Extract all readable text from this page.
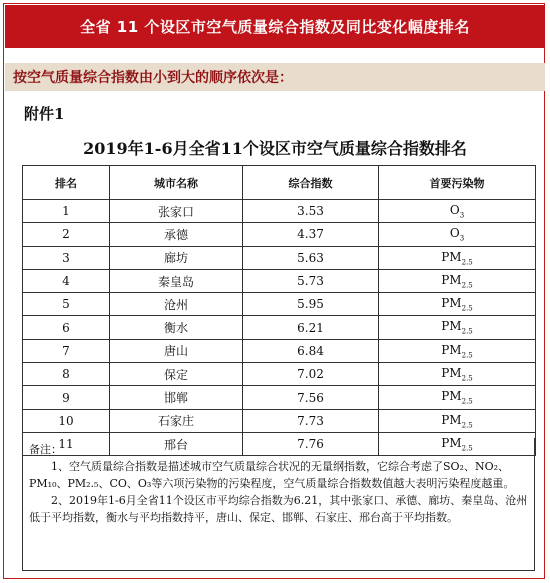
全省 11 个设区市空气质量综合指数及同比变化幅度排名
按空气质量综合指数由小到大的顺序依次是：
附件1
2019年1-6月全省11个设区市空气质量综合指数排名
排名	城市名称	综合指数	首要污染物
1	张家口	3.53	$O_3$
2	承德	4.37	$O_3$
3	廊坊	5.63	$PM_{2.5}$
4	秦皇岛	5.73	$PM_{2.5}$
5	沧州	5.95	$PM_{2.5}$
6	衡水	6.21	$PM_{2.5}$
7	唐山	6.84	$PM_{2.5}$
8	保定	7.02	$PM_{2.5}$
9	邯郸	7.56	$PM_{2.5}$
10	石家庄	7.73	$PM_{2.5}$
11	邢台	7.76	$PM_{2.5}$

备注：

1、空气质量综合指数是描述城市空气质量综合状况的无量纲指数，它综合考虑了SO₂、NO₂、PM₁₀、PM₂.₅、CO、O₃等六项污染物的污染程度，空气质量综合指数数值越大表明污染程度越重。

2、2019年1-6月全省11个设区市平均综合指数为6.21，其中张家口、承德、廊坊、秦皇岛、沧州低于平均指数，衡水与平均指数持平，唐山、保定、邯郸、石家庄、邢台高于平均指数。
